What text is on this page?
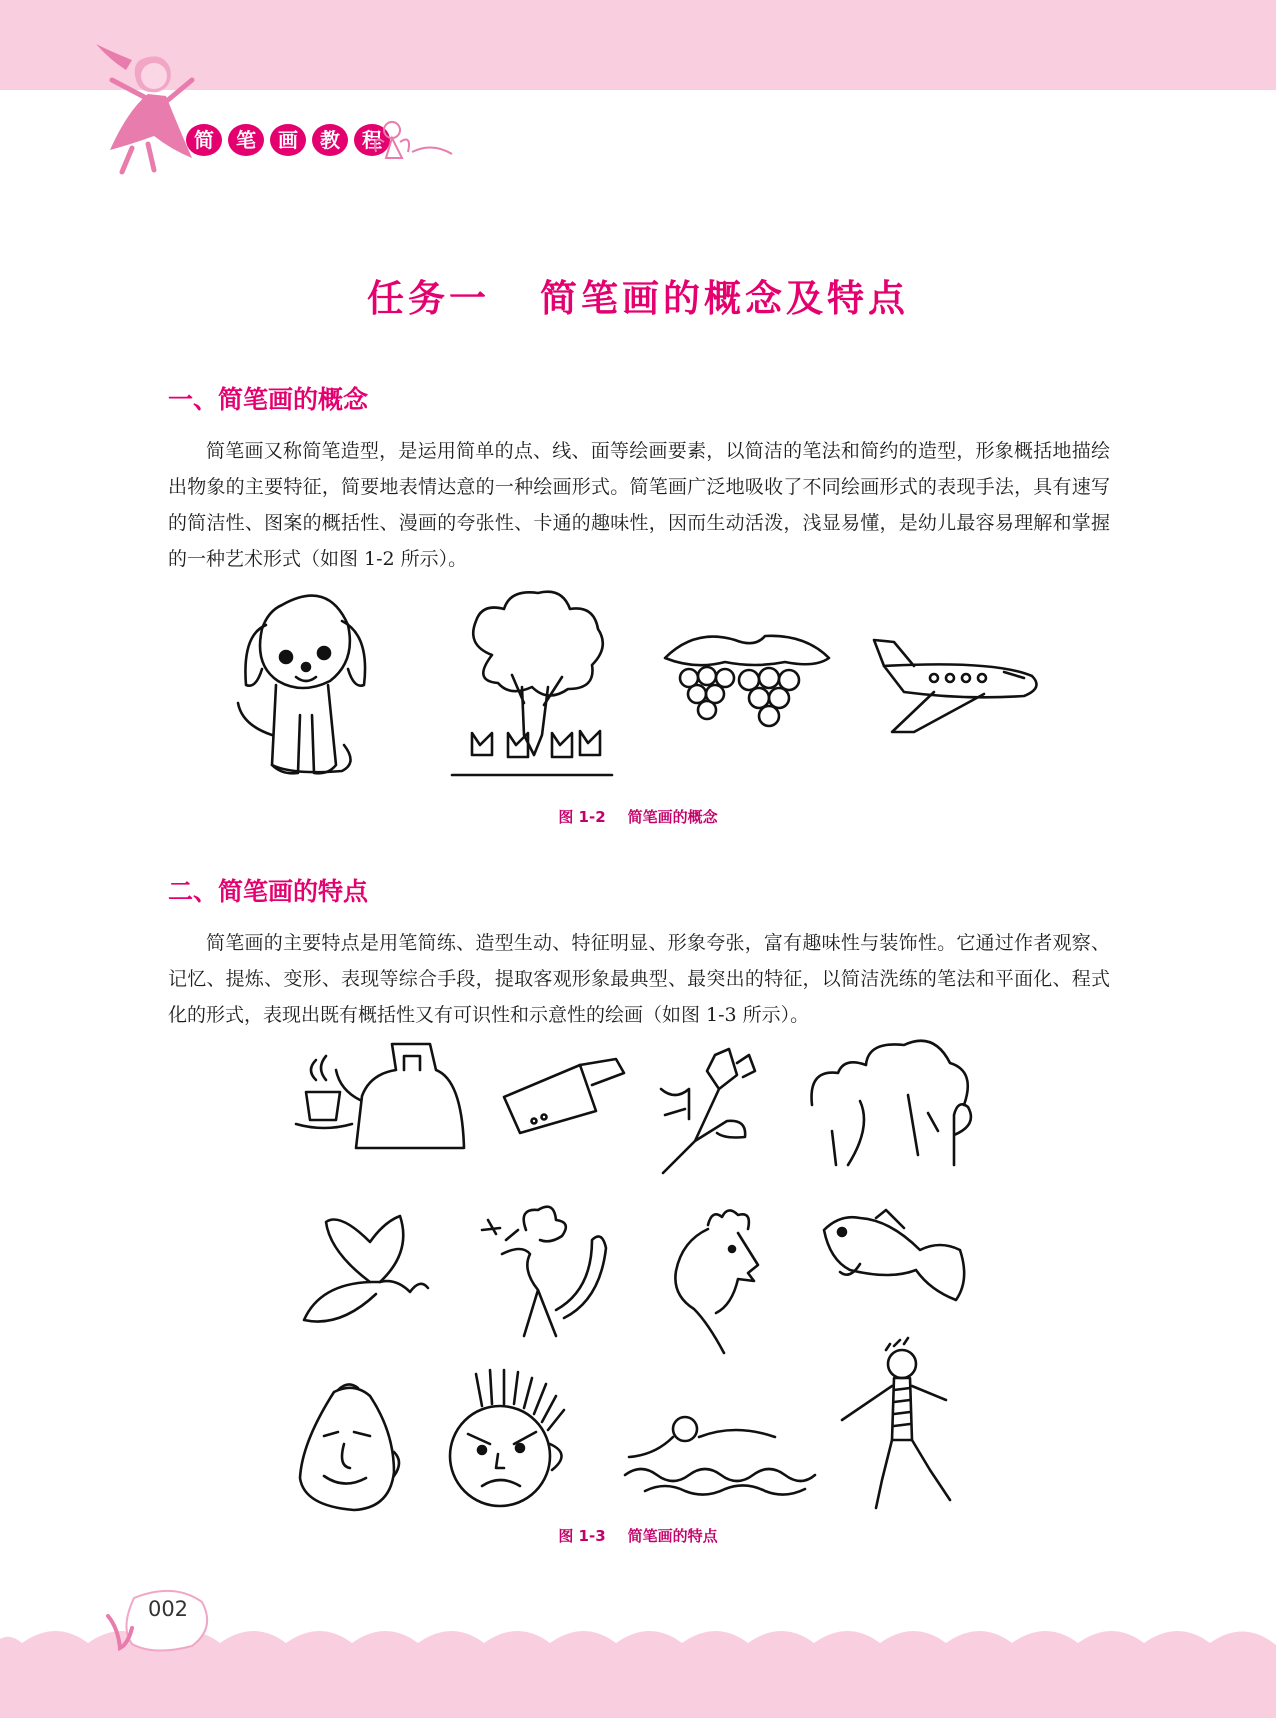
简	笔	画	教	程
任务一 简笔画的概念及特点
一、简笔画的概念
简笔画又称简笔造型，是运用简单的点、线、面等绘画要素，以简洁的笔法和简约的造型，形象概括地描绘出物象的主要特征，简要地表情达意的一种绘画形式。简笔画广泛地吸收了不同绘画形式的表现手法，具有速写的简洁性、图案的概括性、漫画的夸张性、卡通的趣味性，因而生动活泼，浅显易懂，是幼儿最容易理解和掌握的一种艺术形式（如图 1-2 所示）。
图 1-2 简笔画的概念
二、简笔画的特点
简笔画的主要特点是用笔简练、造型生动、特征明显、形象夸张，富有趣味性与装饰性。它通过作者观察、记忆、提炼、变形、表现等综合手段，提取客观形象最典型、最突出的特征，以简洁洗练的笔法和平面化、程式化的形式，表现出既有概括性又有可识性和示意性的绘画（如图 1-3 所示）。
图 1-3 简笔画的特点
002
